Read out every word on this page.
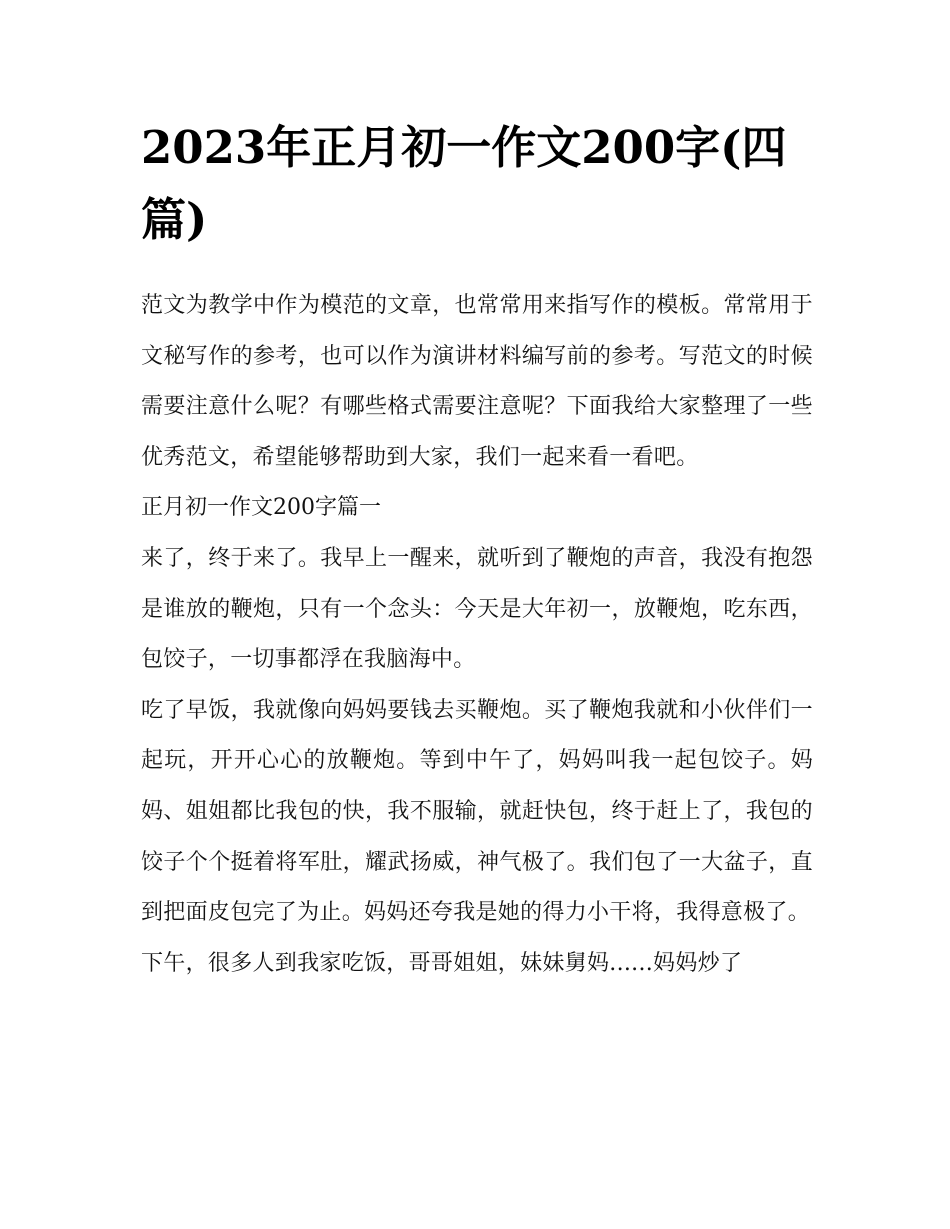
2023年正月初一作文200字(四篇)

范文为教学中作为模范的文章，也常常用来指写作的模板。常常用于文秘写作的参考，也可以作为演讲材料编写前的参考。写范文的时候需要注意什么呢？有哪些格式需要注意呢？下面我给大家整理了一些优秀范文，希望能够帮助到大家，我们一起来看一看吧。

正月初一作文200字篇一

来了，终于来了。我早上一醒来，就听到了鞭炮的声音，我没有抱怨是谁放的鞭炮，只有一个念头：今天是大年初一，放鞭炮，吃东西，包饺子，一切事都浮在我脑海中。

吃了早饭，我就像向妈妈要钱去买鞭炮。买了鞭炮我就和小伙伴们一起玩，开开心心的放鞭炮。等到中午了，妈妈叫我一起包饺子。妈妈、姐姐都比我包的快，我不服输，就赶快包，终于赶上了，我包的饺子个个挺着将军肚，耀武扬威，神气极了。我们包了一大盆子，直到把面皮包完了为止。妈妈还夸我是她的得力小干将，我得意极了。

下午，很多人到我家吃饭，哥哥姐姐，妹妹舅妈......妈妈炒了
